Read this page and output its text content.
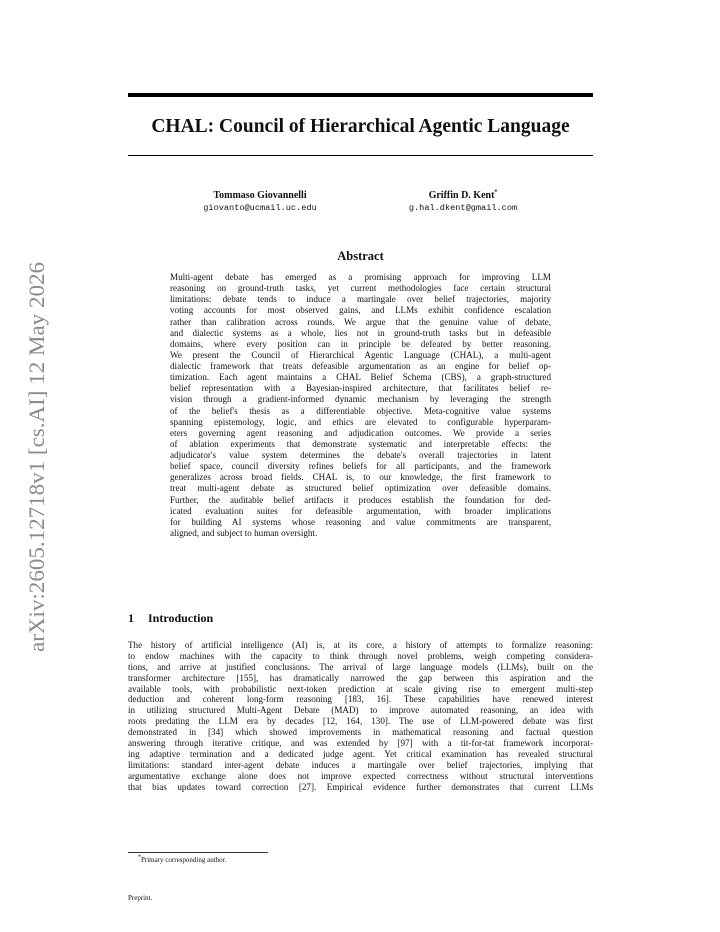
arXiv:2605.12718v1 [cs.AI] 12 May 2026
CHAL: Council of Hierarchical Agentic Language
Tommaso Giovannelli
giovanto@ucmail.uc.edu
Griffin D. Kent*
g.hal.dkent@gmail.com
Abstract
Multi-agent debate has emerged as a promising approach for improving LLM
reasoning on ground-truth tasks, yet current methodologies face certain structural
limitations: debate tends to induce a martingale over belief trajectories, majority
voting accounts for most observed gains, and LLMs exhibit confidence escalation
rather than calibration across rounds. We argue that the genuine value of debate,
and dialectic systems as a whole, lies not in ground-truth tasks but in defeasible
domains, where every position can in principle be defeated by better reasoning.
We present the Council of Hierarchical Agentic Language (CHAL), a multi-agent
dialectic framework that treats defeasible argumentation as an engine for belief op-
timization. Each agent maintains a CHAL Belief Schema (CBS), a graph-structured
belief representation with a Bayesian-inspired architecture, that facilitates belief re-
vision through a gradient-informed dynamic mechanism by leveraging the strength
of the belief's thesis as a differentiable objective. Meta-cognitive value systems
spanning epistemology, logic, and ethics are elevated to configurable hyperparam-
eters governing agent reasoning and adjudication outcomes. We provide a series
of ablation experiments that demonstrate systematic and interpretable effects: the
adjudicator's value system determines the debate's overall trajectories in latent
belief space, council diversity refines beliefs for all participants, and the framework
generalizes across broad fields. CHAL is, to our knowledge, the first framework to
treat multi-agent debate as structured belief optimization over defeasible domains.
Further, the auditable belief artifacts it produces establish the foundation for ded-
icated evaluation suites for defeasible argumentation, with broader implications
for building AI systems whose reasoning and value commitments are transparent,
aligned, and subject to human oversight.
1 Introduction
The history of artificial intelligence (AI) is, at its core, a history of attempts to formalize reasoning:
to endow machines with the capacity to think through novel problems, weigh competing considera-
tions, and arrive at justified conclusions. The arrival of large language models (LLMs), built on the
transformer architecture [155], has dramatically narrowed the gap between this aspiration and the
available tools, with probabilistic next-token prediction at scale giving rise to emergent multi-step
deduction and coherent long-form reasoning [183, 16]. These capabilities have renewed interest
in utilizing structured Multi-Agent Debate (MAD) to improve automated reasoning, an idea with
roots predating the LLM era by decades [12, 164, 130]. The use of LLM-powered debate was first
demonstrated in [34] which showed improvements in mathematical reasoning and factual question
answering through iterative critique, and was extended by [97] with a tit-for-tat framework incorporat-
ing adaptive termination and a dedicated judge agent. Yet critical examination has revealed structural
limitations: standard inter-agent debate induces a martingale over belief trajectories, implying that
argumentative exchange alone does not improve expected correctness without structural interventions
that bias updates toward correction [27]. Empirical evidence further demonstrates that current LLMs
*Primary corresponding author.
Preprint.
